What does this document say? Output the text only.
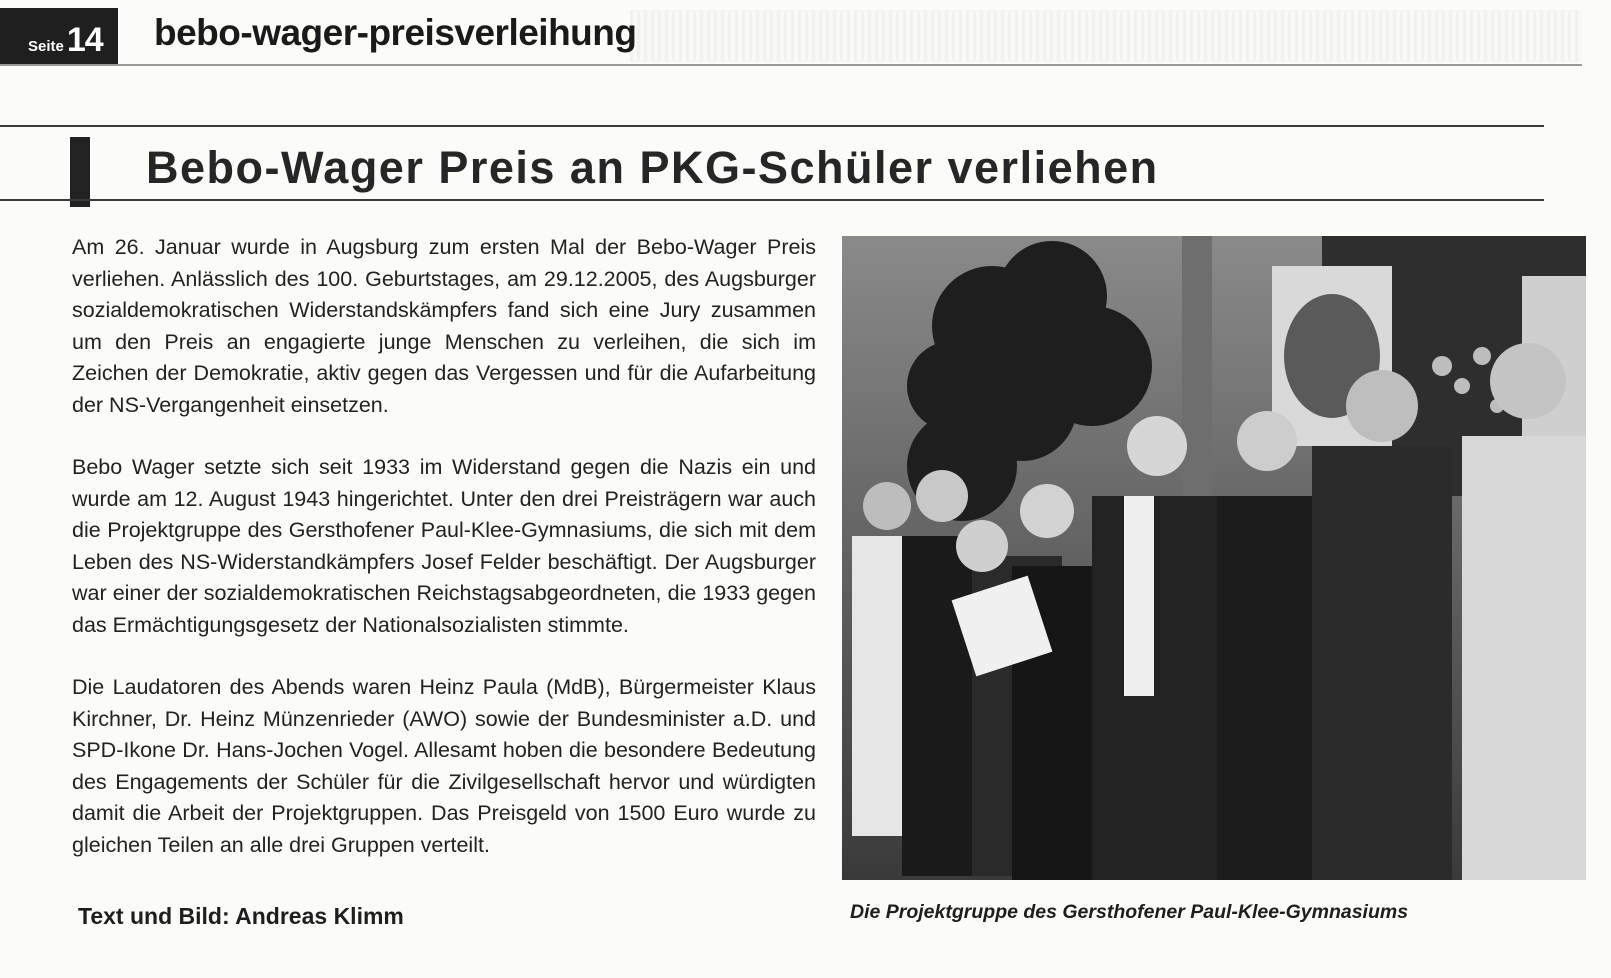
Seite 14 bebo-wager-preisverleihung
Bebo-Wager Preis an PKG-Schüler verliehen

Am 26. Januar wurde in Augsburg zum ersten Mal der Bebo-Wager Preis verliehen. Anlässlich des 100. Geburtstages, am 29.12.2005, des Augsburger sozialdemokratischen Widerstandskämpfers fand sich eine Jury zusammen um den Preis an engagierte junge Menschen zu verleihen, die sich im Zeichen der Demokratie, aktiv gegen das Vergessen und für die Aufarbeitung der NS-Vergangenheit einsetzen.

Bebo Wager setzte sich seit 1933 im Widerstand gegen die Nazis ein und wurde am 12. August 1943 hingerichtet. Unter den drei Preisträgern war auch die Projektgruppe des Gersthofener Paul-Klee-Gymnasiums, die sich mit dem Leben des NS-Widerstandkämpfers Josef Felder beschäftigt. Der Augsburger war einer der sozialdemokratischen Reichstagsabgeordneten, die 1933 gegen das Ermächtigungsgesetz der Nationalsozialisten stimmte.

Die Laudatoren des Abends waren Heinz Paula (MdB), Bürgermeister Klaus Kirchner, Dr. Heinz Münzenrieder (AWO) sowie der Bundesminister a.D. und SPD-Ikone Dr. Hans-Jochen Vogel. Allesamt hoben die besondere Bedeutung des Engagements der Schüler für die Zivilgesellschaft hervor und würdigten damit die Arbeit der Projektgruppen. Das Preisgeld von 1500 Euro wurde zu gleichen Teilen an alle drei Gruppen verteilt.

Text und Bild: Andreas Klimm	Die Projektgruppe des Gersthofener Paul-Klee-Gymnasiums
